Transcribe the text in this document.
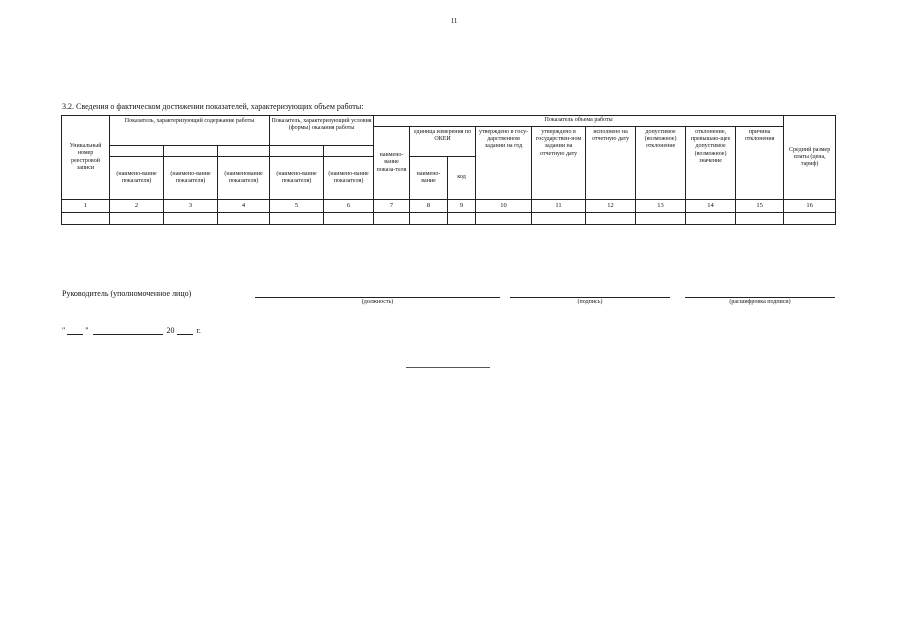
11
3.2. Сведения о фактическом достижении показателей, характеризующих объем работы:
Уникальный номер реестровой записи	Показатель, характеризующий содержание работы			Показатель, характеризующий условия (формы) оказания работы		Показатель объема работы									Средний размер платы (цена, тариф)
						наимено-вание показа-теля	единица измерения по ОКЕИ		утверждено в госу-дарственном задании на год	утверждено в государствен-ном задании на отчетную дату	исполнено на отчетную дату	допустимое (возможное) отклонение	отклонение, превышаю-щее допустимое (возможное) значение	причина отклонения	

	(наимено-вание показателя)	(наимено-вание показателя)	(наименование показателя)	(наимено-вание показателя)	(наимено-вание показателя)		наимено-вание	код							
1	2	3	4	5	6	7	8	9	10	11	12	13	14	15	16

Руководитель (уполномоченное лицо)
(должность)	(подпись)	(расшифровка подписи)
"	"	20	г.
